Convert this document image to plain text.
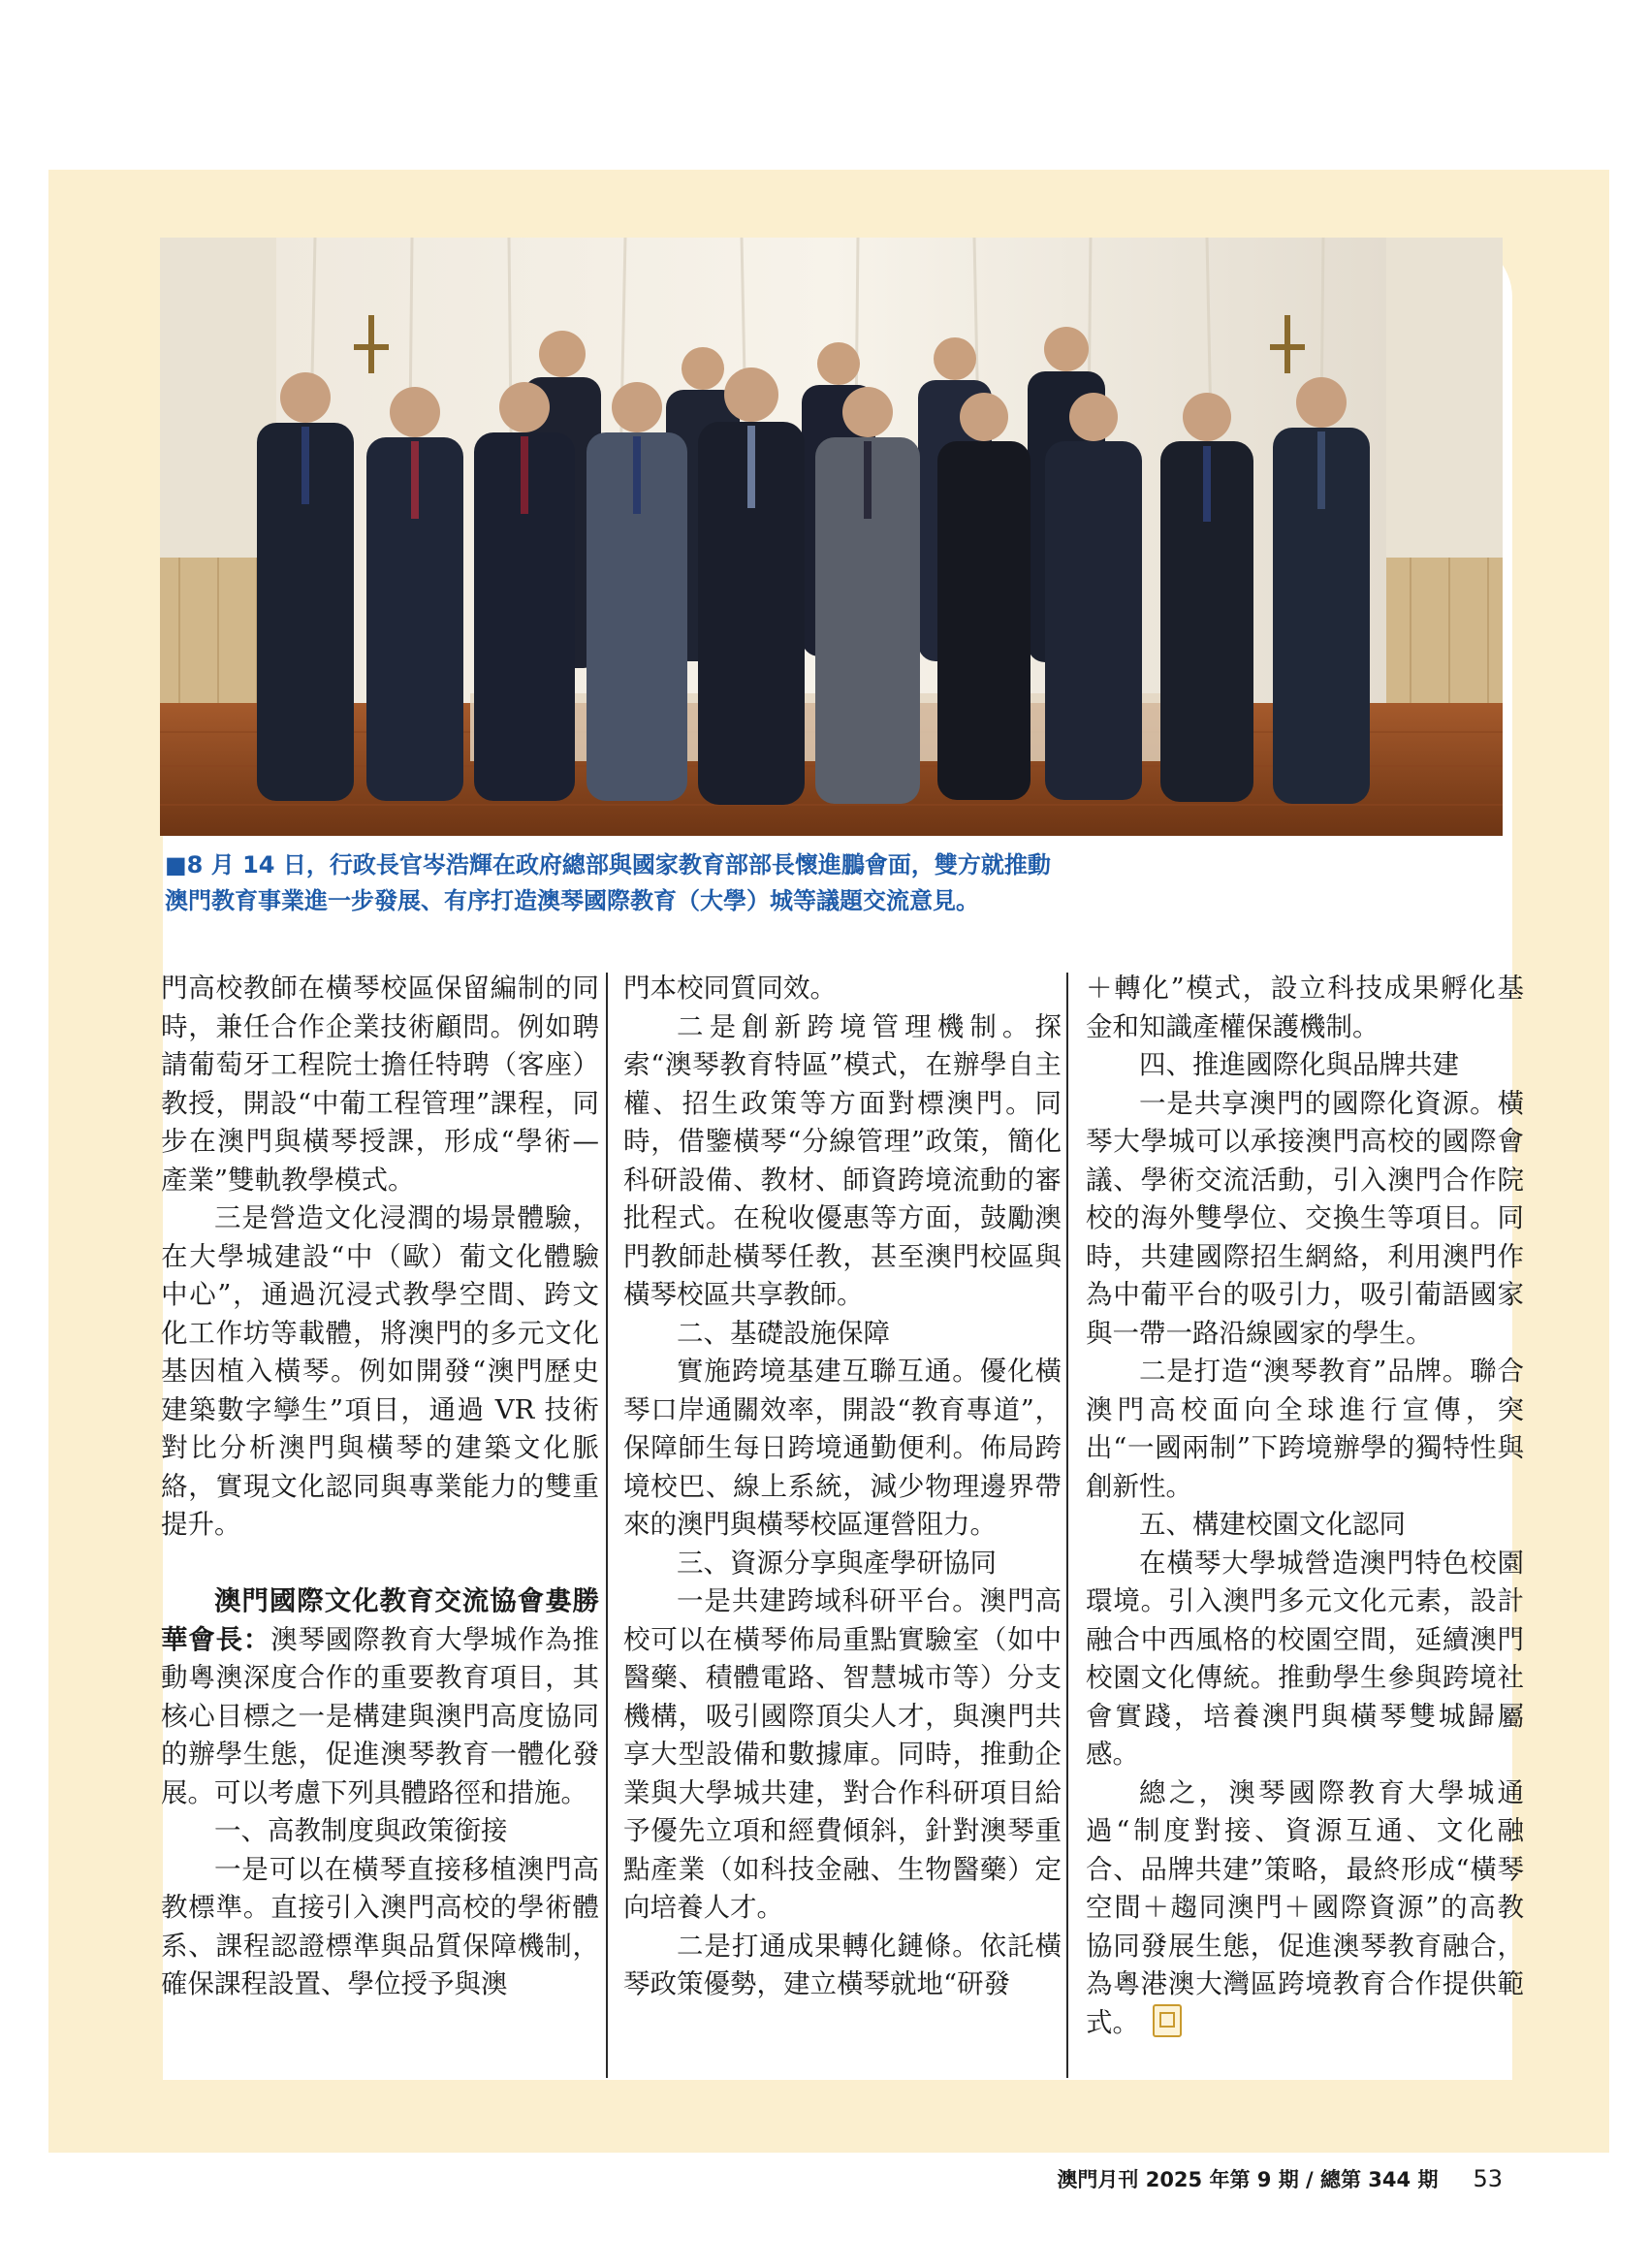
■8 月 14 日，行政長官岑浩輝在政府總部與國家教育部部長懷進鵬會面，雙方就推動
澳門教育事業進一步發展、有序打造澳琴國際教育（大學）城等議題交流意見。

門高校教師在橫琴校區保留編制的同時，兼任合作企業技術顧問。例如聘請葡萄牙工程院士擔任特聘（客座）教授，開設“中葡工程管理”課程，同步在澳門與橫琴授課，形成“學術—產業”雙軌教學模式。

三是營造文化浸潤的場景體驗，在大學城建設“中（歐）葡文化體驗中心”，通過沉浸式教學空間、跨文化工作坊等載體，將澳門的多元文化基因植入橫琴。例如開發“澳門歷史建築數字孿生”項目，通過 VR 技術對比分析澳門與橫琴的建築文化脈絡，實現文化認同與專業能力的雙重提升。

澳門國際文化教育交流協會婁勝華會長：澳琴國際教育大學城作為推動粵澳深度合作的重要教育項目，其核心目標之一是構建與澳門高度協同的辦學生態，促進澳琴教育一體化發展。可以考慮下列具體路徑和措施。

一、高教制度與政策銜接

一是可以在橫琴直接移植澳門高教標準。直接引入澳門高校的學術體系、課程認證標準與品質保障機制，確保課程設置、學位授予與澳

門本校同質同效。

二是創新跨境管理機制。探索“澳琴教育特區”模式，在辦學自主權、招生政策等方面對標澳門。同時，借鑒橫琴“分線管理”政策，簡化科研設備、教材、師資跨境流動的審批程式。在稅收優惠等方面，鼓勵澳門教師赴橫琴任教，甚至澳門校區與橫琴校區共享教師。

二、基礎設施保障

實施跨境基建互聯互通。優化橫琴口岸通關效率，開設“教育專道”，保障師生每日跨境通勤便利。佈局跨境校巴、線上系統，減少物理邊界帶來的澳門與橫琴校區運營阻力。

三、資源分享與產學研協同

一是共建跨域科研平台。澳門高校可以在橫琴佈局重點實驗室（如中醫藥、積體電路、智慧城市等）分支機構，吸引國際頂尖人才，與澳門共享大型設備和數據庫。同時，推動企業與大學城共建，對合作科研項目給予優先立項和經費傾斜，針對澳琴重點產業（如科技金融、生物醫藥）定向培養人才。

二是打通成果轉化鏈條。依託橫琴政策優勢，建立橫琴就地“研發

＋轉化”模式，設立科技成果孵化基金和知識產權保護機制。

四、推進國際化與品牌共建

一是共享澳門的國際化資源。橫琴大學城可以承接澳門高校的國際會議、學術交流活動，引入澳門合作院校的海外雙學位、交換生等項目。同時，共建國際招生網絡，利用澳門作為中葡平台的吸引力，吸引葡語國家與一帶一路沿線國家的學生。

二是打造“澳琴教育”品牌。聯合澳門高校面向全球進行宣傳，突出“一國兩制”下跨境辦學的獨特性與創新性。

五、構建校園文化認同

在橫琴大學城營造澳門特色校園環境。引入澳門多元文化元素，設計融合中西風格的校園空間，延續澳門校園文化傳統。推動學生參與跨境社會實踐，培養澳門與橫琴雙城歸屬感。

總之，澳琴國際教育大學城通過“制度對接、資源互通、文化融合、品牌共建”策略，最終形成“橫琴空間＋趨同澳門＋國際資源”的高教協同發展生態，促進澳琴教育融合，為粵港澳大灣區跨境教育合作提供範式。

澳門月刊 2025 年第 9 期 / 總第 344 期 53
